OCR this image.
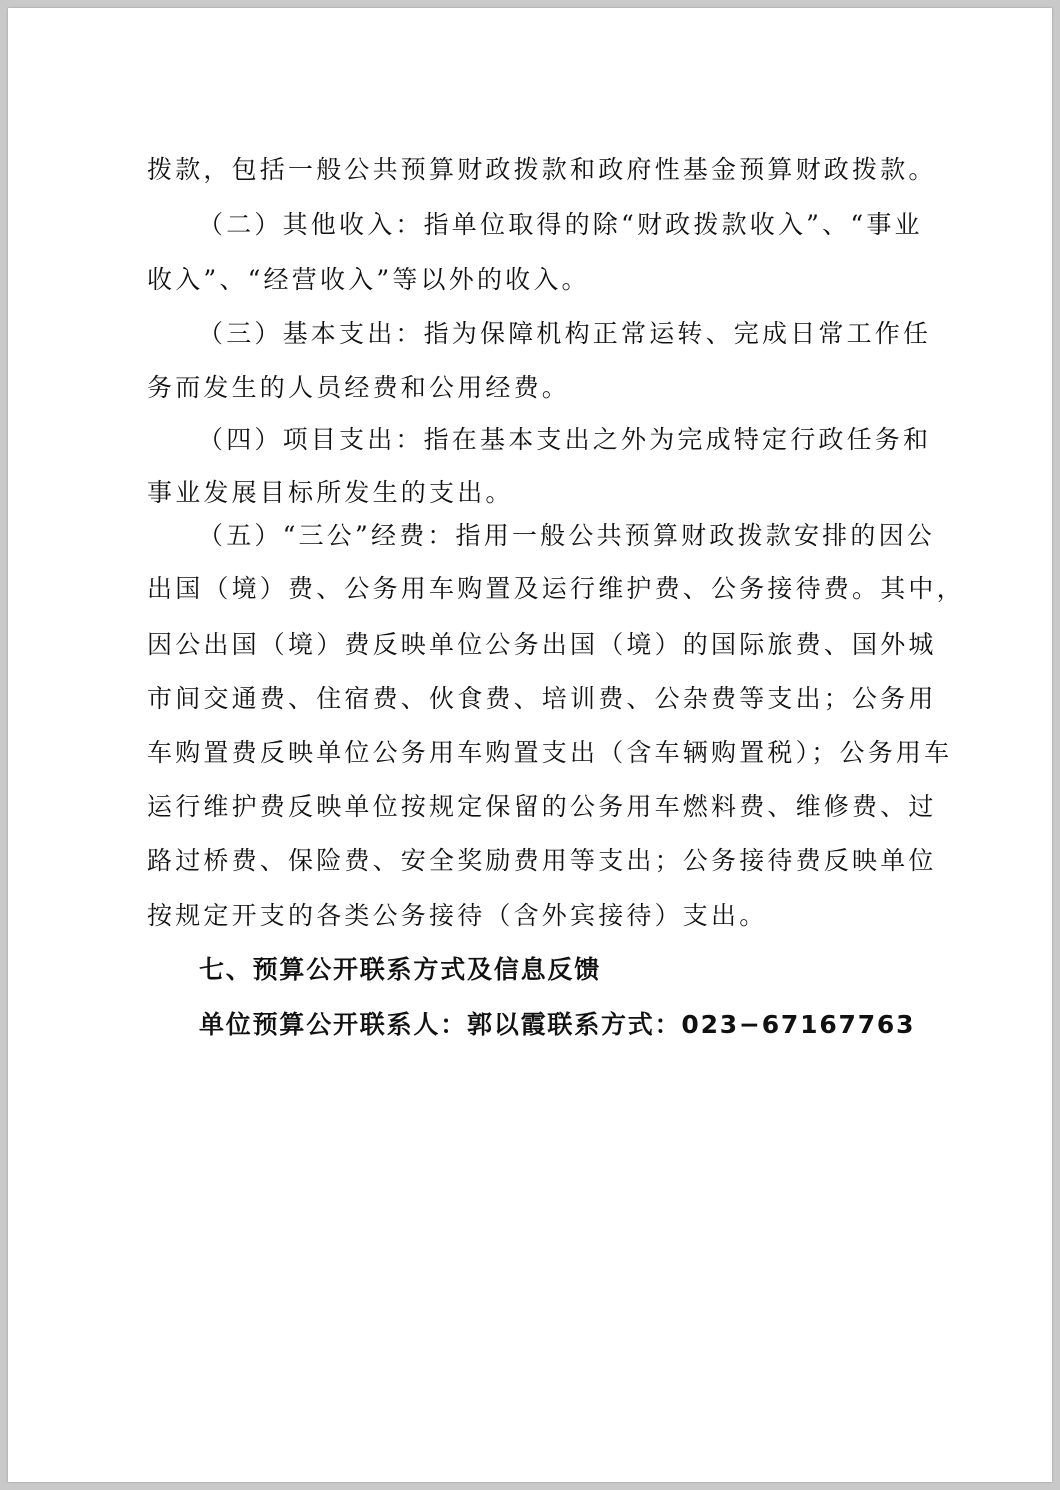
拨款，包括一般公共预算财政拨款和政府性基金预算财政拨款。
（二）其他收入：指单位取得的除“财政拨款收入”、“事业
收入”、“经营收入”等以外的收入。
（三）基本支出：指为保障机构正常运转、完成日常工作任
务而发生的人员经费和公用经费。
（四）项目支出：指在基本支出之外为完成特定行政任务和
事业发展目标所发生的支出。
（五）“三公”经费：指用一般公共预算财政拨款安排的因公
出国（境）费、公务用车购置及运行维护费、公务接待费。其中，
因公出国（境）费反映单位公务出国（境）的国际旅费、国外城
市间交通费、住宿费、伙食费、培训费、公杂费等支出；公务用
车购置费反映单位公务用车购置支出（含车辆购置税）；公务用车
运行维护费反映单位按规定保留的公务用车燃料费、维修费、过
路过桥费、保险费、安全奖励费用等支出；公务接待费反映单位
按规定开支的各类公务接待（含外宾接待）支出。
七、预算公开联系方式及信息反馈
单位预算公开联系人：郭以霞联系方式：023−67167763
